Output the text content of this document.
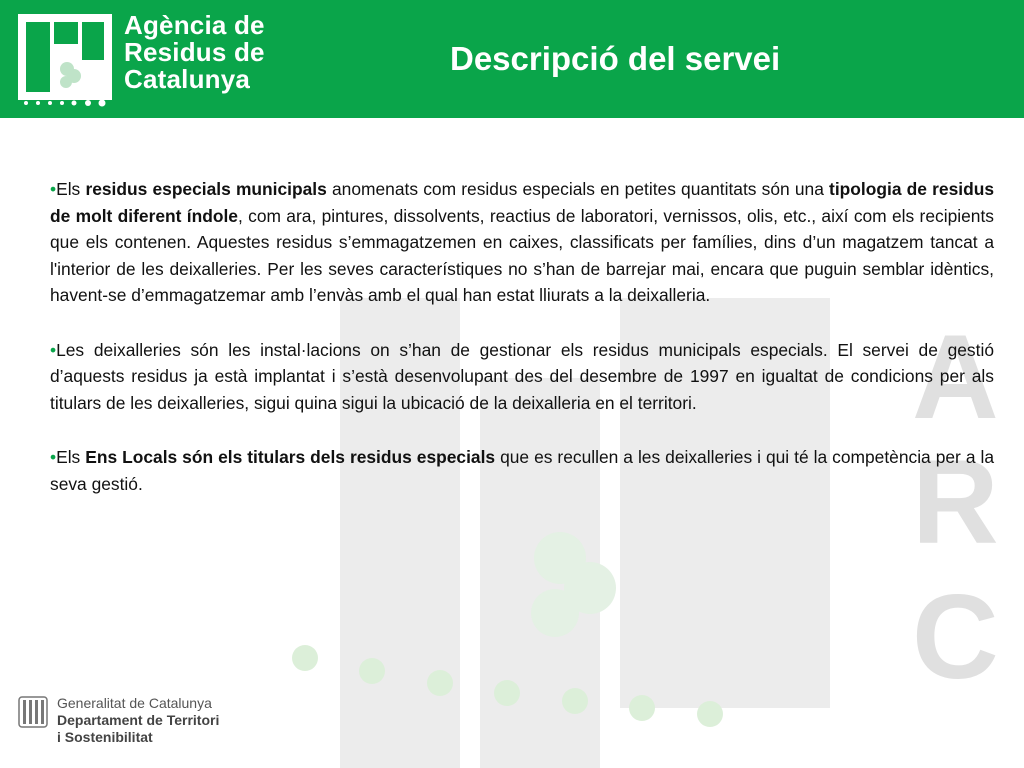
A
R
C
Agència de
Residus de
Catalunya
Descripció del servei

•Els residus especials municipals anomenats com residus especials en petites quantitats són una tipologia de residus de molt diferent índole, com ara, pintures, dissolvents, reactius de laboratori, vernissos, olis, etc., així com els recipients que els contenen. Aquestes residus s’emmagatzemen en caixes, classificats per famílies, dins d’un magatzem tancat a l'interior de les deixalleries. Per les seves característiques no s’han de barrejar mai, encara que puguin semblar idèntics, havent-se d’emmagatzemar amb l’envàs amb el qual han estat lliurats a la deixalleria.

•Les deixalleries són les instal·lacions on s’han de gestionar els residus municipals especials. El servei de gestió d’aquests residus ja està implantat i s’està desenvolupant des del desembre de 1997 en igualtat de condicions per als titulars de les deixalleries, sigui quina sigui la ubicació de la deixalleria en el territori.

•Els Ens Locals són els titulars dels residus especials que es recullen a les deixalleries i qui té la competència per a la seva gestió.

Generalitat de Catalunya
Departament de Territori
i Sostenibilitat
